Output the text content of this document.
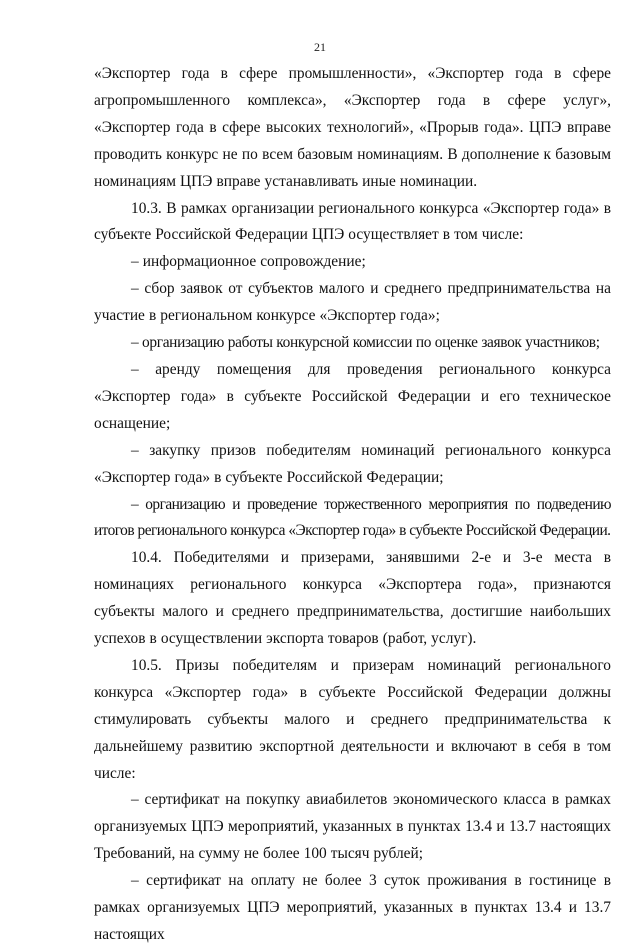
21

«Экспортер года в сфере промышленности», «Экспортер года в сфере агропромышленного комплекса», «Экспортер года в сфере услуг», «Экспортер года в сфере высоких технологий», «Прорыв года». ЦПЭ вправе проводить конкурс не по всем базовым номинациям. В дополнение к базовым номинациям ЦПЭ вправе устанавливать иные номинации.

10.3. В рамках организации регионального конкурса «Экспортер года» в субъекте Российской Федерации ЦПЭ осуществляет в том числе:

– информационное сопровождение;

– сбор заявок от субъектов малого и среднего предпринимательства на участие в региональном конкурсе «Экспортер года»;

– организацию работы конкурсной комиссии по оценке заявок участников;

– аренду помещения для проведения регионального конкурса «Экспортер года» в субъекте Российской Федерации и его техническое оснащение;

– закупку призов победителям номинаций регионального конкурса «Экспортер года» в субъекте Российской Федерации;

– организацию и проведение торжественного мероприятия по подведению итогов регионального конкурса «Экспортер года» в субъекте Российской Федерации.

10.4. Победителями и призерами, занявшими 2-е и 3-е места в номинациях регионального конкурса «Экспортера года», признаются субъекты малого и среднего предпринимательства, достигшие наибольших успехов в осуществлении экспорта товаров (работ, услуг).

10.5. Призы победителям и призерам номинаций регионального конкурса «Экспортер года» в субъекте Российской Федерации должны стимулировать субъекты малого и среднего предпринимательства к дальнейшему развитию экспортной деятельности и включают в себя в том числе:

– сертификат на покупку авиабилетов экономического класса в рамках организуемых ЦПЭ мероприятий, указанных в пунктах 13.4 и 13.7 настоящих Требований, на сумму не более 100 тысяч рублей;

– сертификат на оплату не более 3 суток проживания в гостинице в рамках организуемых ЦПЭ мероприятий, указанных в пунктах 13.4 и 13.7 настоящих
